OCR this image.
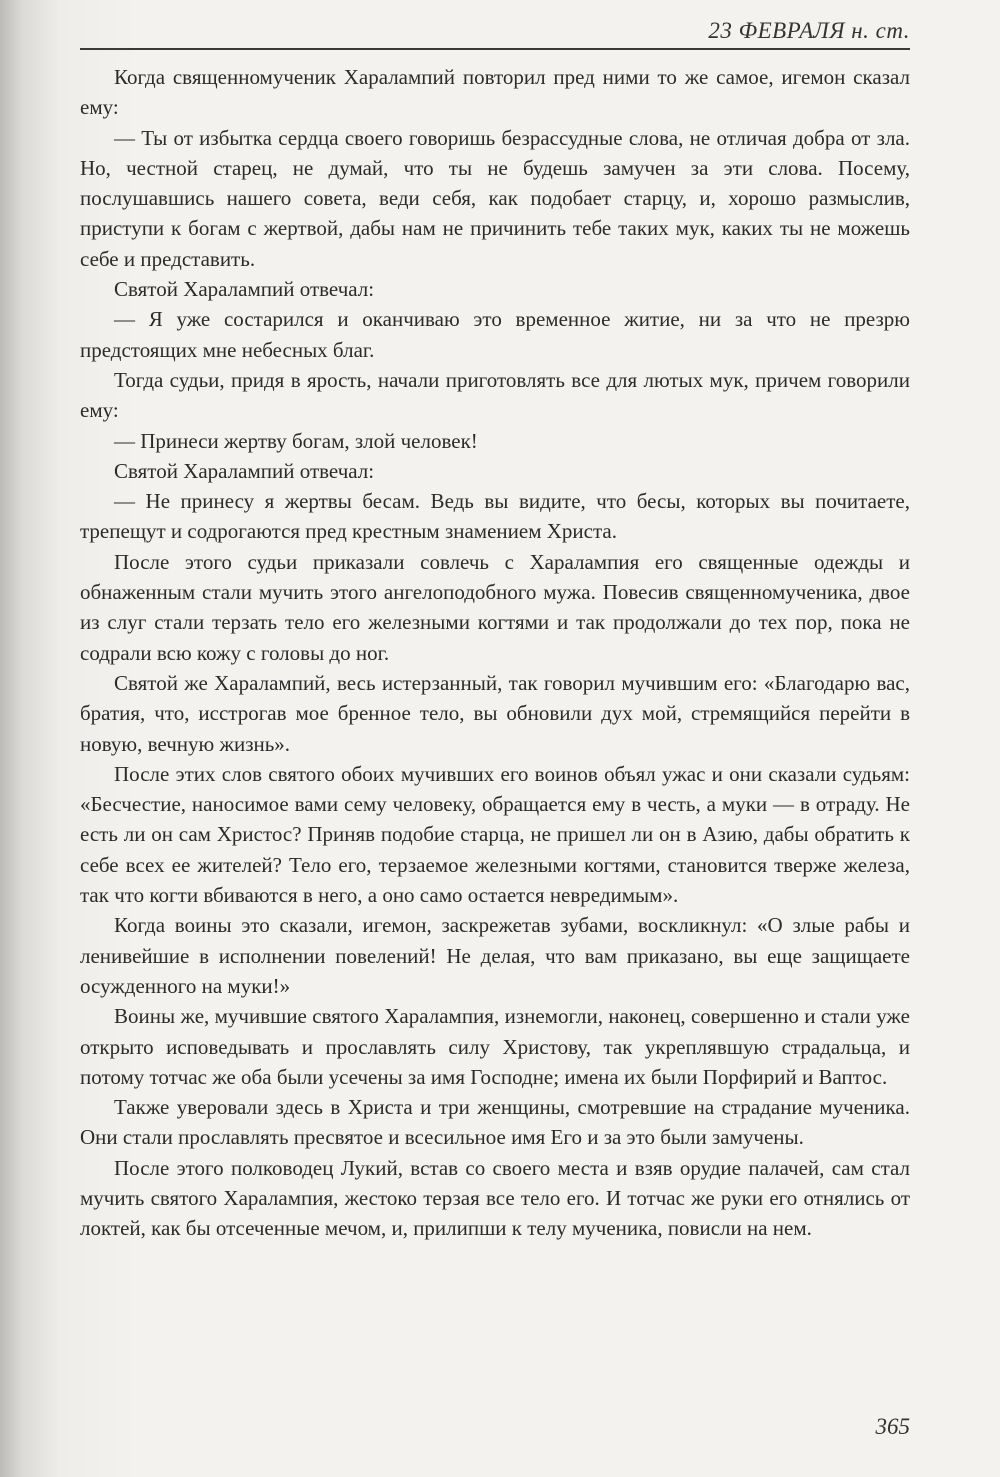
23 ФЕВРАЛЯ н. ст.

Когда священномученик Харалампий повторил пред ними то же самое, игемон сказал ему:

— Ты от избытка сердца своего говоришь безрассудные слова, не отличая добра от зла. Но, честной старец, не думай, что ты не будешь замучен за эти слова. Посему, послушавшись нашего совета, веди себя, как подобает старцу, и, хорошо размыслив, приступи к богам с жертвой, дабы нам не причинить тебе таких мук, каких ты не можешь себе и представить.

Святой Харалампий отвечал:

— Я уже состарился и оканчиваю это временное житие, ни за что не презрю предстоящих мне небесных благ.

Тогда судьи, придя в ярость, начали приготовлять все для лютых мук, причем говорили ему:

— Принеси жертву богам, злой человек!

Святой Харалампий отвечал:

— Не принесу я жертвы бесам. Ведь вы видите, что бесы, которых вы почитаете, трепещут и содрогаются пред крестным знамением Христа.

После этого судьи приказали совлечь с Харалампия его священные одежды и обнаженным стали мучить этого ангелоподобного мужа. Повесив священномученика, двое из слуг стали терзать тело его железными когтями и так продолжали до тех пор, пока не содрали всю кожу с головы до ног.

Святой же Харалампий, весь истерзанный, так говорил мучившим его: «Благодарю вас, братия, что, исстрогав мое бренное тело, вы обновили дух мой, стремящийся перейти в новую, вечную жизнь».

После этих слов святого обоих мучивших его воинов объял ужас и они сказали судьям: «Бесчестие, наносимое вами сему человеку, обращается ему в честь, а муки — в отраду. Не есть ли он сам Христос? Приняв подобие старца, не пришел ли он в Азию, дабы обратить к себе всех ее жителей? Тело его, терзаемое железными когтями, становится тверже железа, так что когти вбиваются в него, а оно само остается невредимым».

Когда воины это сказали, игемон, заскрежетав зубами, воскликнул: «О злые рабы и ленивейшие в исполнении повелений! Не делая, что вам приказано, вы еще защищаете осужденного на муки!»

Воины же, мучившие святого Харалампия, изнемогли, наконец, совершенно и стали уже открыто исповедывать и прославлять силу Христову, так укреплявшую страдальца, и потому тотчас же оба были усечены за имя Господне; имена их были Порфирий и Ваптос.

Также уверовали здесь в Христа и три женщины, смотревшие на страдание мученика. Они стали прославлять пресвятое и всесильное имя Его и за это были замучены.

После этого полководец Лукий, встав со своего места и взяв орудие палачей, сам стал мучить святого Харалампия, жестоко терзая все тело его. И тотчас же руки его отнялись от локтей, как бы отсеченные мечом, и, прилипши к телу мученика, повисли на нем.

365
